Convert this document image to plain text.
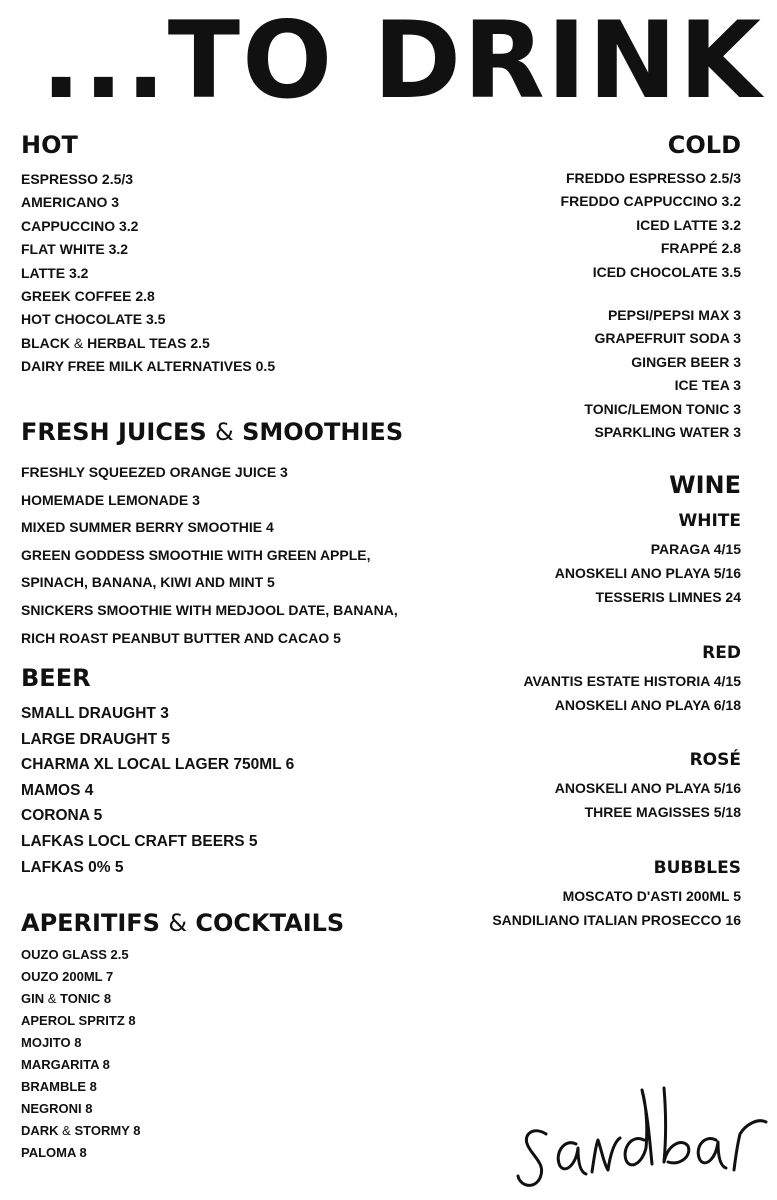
...TO DRINK
HOT
ESPRESSO 2.5/3
AMERICANO 3
CAPPUCCINO 3.2
FLAT WHITE 3.2
LATTE 3.2
GREEK COFFEE 2.8
HOT CHOCOLATE 3.5
BLACK & HERBAL TEAS 2.5
DAIRY FREE MILK ALTERNATIVES 0.5
FRESH JUICES & SMOOTHIES
FRESHLY SQUEEZED ORANGE JUICE 3
HOMEMADE LEMONADE 3
MIXED SUMMER BERRY SMOOTHIE 4
GREEN GODDESS SMOOTHIE WITH GREEN APPLE,
SPINACH, BANANA, KIWI AND MINT 5
SNICKERS SMOOTHIE WITH MEDJOOL DATE, BANANA,
RICH ROAST PEANBUT BUTTER AND CACAO 5
BEER
SMALL DRAUGHT 3
LARGE DRAUGHT 5
CHARMA XL LOCAL LAGER 750ML 6
MAMOS 4
CORONA 5
LAFKAS LOCL CRAFT BEERS 5
LAFKAS 0% 5
APERITIFS & COCKTAILS
OUZO GLASS 2.5
OUZO 200ML 7
GIN & TONIC 8
APEROL SPRITZ 8
MOJITO 8
MARGARITA 8
BRAMBLE 8
NEGRONI 8
DARK & STORMY 8
PALOMA 8
COLD
FREDDO ESPRESSO 2.5/3
FREDDO CAPPUCCINO 3.2
ICED LATTE 3.2
FRAPPÉ 2.8
ICED CHOCOLATE 3.5
PEPSI/PEPSI MAX 3
GRAPEFRUIT SODA 3
GINGER BEER 3
ICE TEA 3
TONIC/LEMON TONIC 3
SPARKLING WATER 3
WINE
WHITE
PARAGA 4/15
ANOSKELI ANO PLAYA 5/16
TESSERIS LIMNES 24
RED
AVANTIS ESTATE HISTORIA 4/15
ANOSKELI ANO PLAYA 6/18
ROSÉ
ANOSKELI ANO PLAYA 5/16
THREE MAGISSES 5/18
BUBBLES
MOSCATO D'ASTI 200ML 5
SANDILIANO ITALIAN PROSECCO 16
